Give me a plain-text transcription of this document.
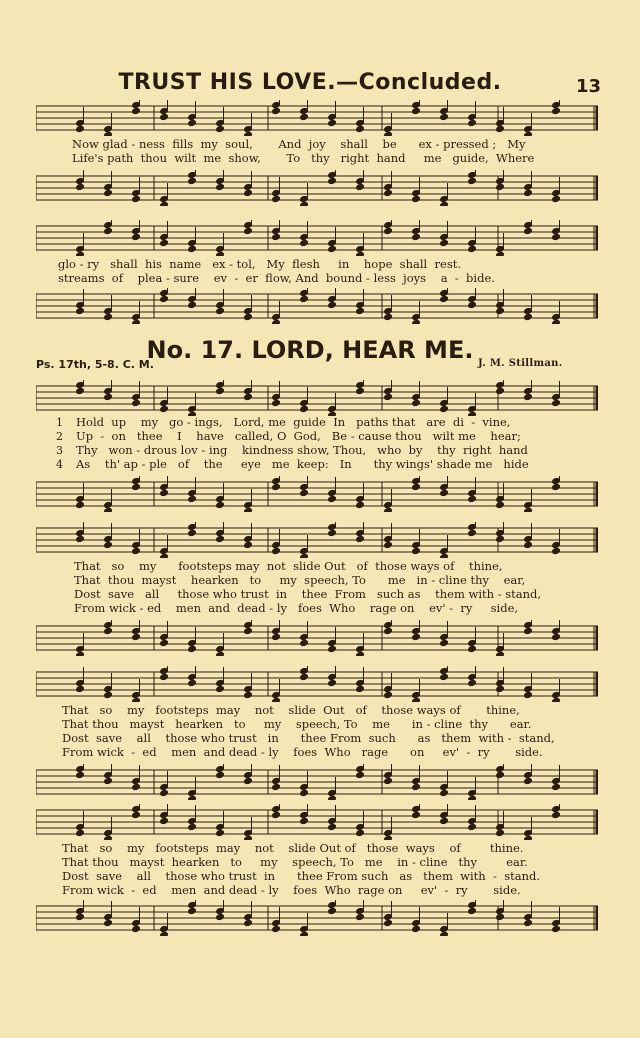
TRUST HIS LOVE.—Concluded.	13
Now glad - ness  fills  my  soul,       And  joy    shall    be      ex - pressed ;   My
Life's path  thou  wilt  me  show,       To   thy   right  hand     me   guide,  Where
glo - ry   shall  his  name   ex - tol,   My  flesh     in    hope  shall  rest.
streams  of    plea - sure    ev  -  er  flow, And  bound - less  joys    a  -  bide.
No. 17. LORD, HEAR ME.
Ps. 17th, 5-8. C. M.	J. M. Stillman.
1
2
3
4
Hold  up    my   go - ings,   Lord, me  guide  In   paths that   are  di  -  vine,
Up  -  on   thee    I    have   called, O  God,   Be - cause thou   wilt me    hear;
Thy   won - drous lov - ing    kindness show, Thou,   who  by    thy  right  hand
As    th' ap - ple   of    the     eye   me  keep:   In      thy wings' shade me   hide
That   so    my      footsteps may  not  slide Out   of  those ways of    thine,
That  thou  mayst    hearken   to     my  speech, To      me   in - cline thy    ear,
Dost  save   all     those who trust  in    thee  From   such as    them with - stand,
From wick - ed    men  and  dead - ly   foes  Who    rage on    ev' -  ry     side,
That   so    my   footsteps  may    not    slide  Out   of    those ways of       thine,
That thou   mayst   hearken   to     my    speech, To    me      in - cline  thy      ear.
Dost  save    all    those who trust   in      thee From  such      as   them  with -  stand,
From wick  -  ed    men  and dead - ly    foes  Who   rage      on     ev'  -  ry       side.
That   so    my   footsteps  may    not    slide Out of   those  ways    of        thine.
That thou   mayst  hearken   to     my    speech, To   me    in - cline   thy        ear.
Dost  save    all    those who trust  in      thee From such   as   them  with  -  stand.
From wick  -  ed    men  and dead - ly    foes  Who  rage on     ev'  -  ry       side.
